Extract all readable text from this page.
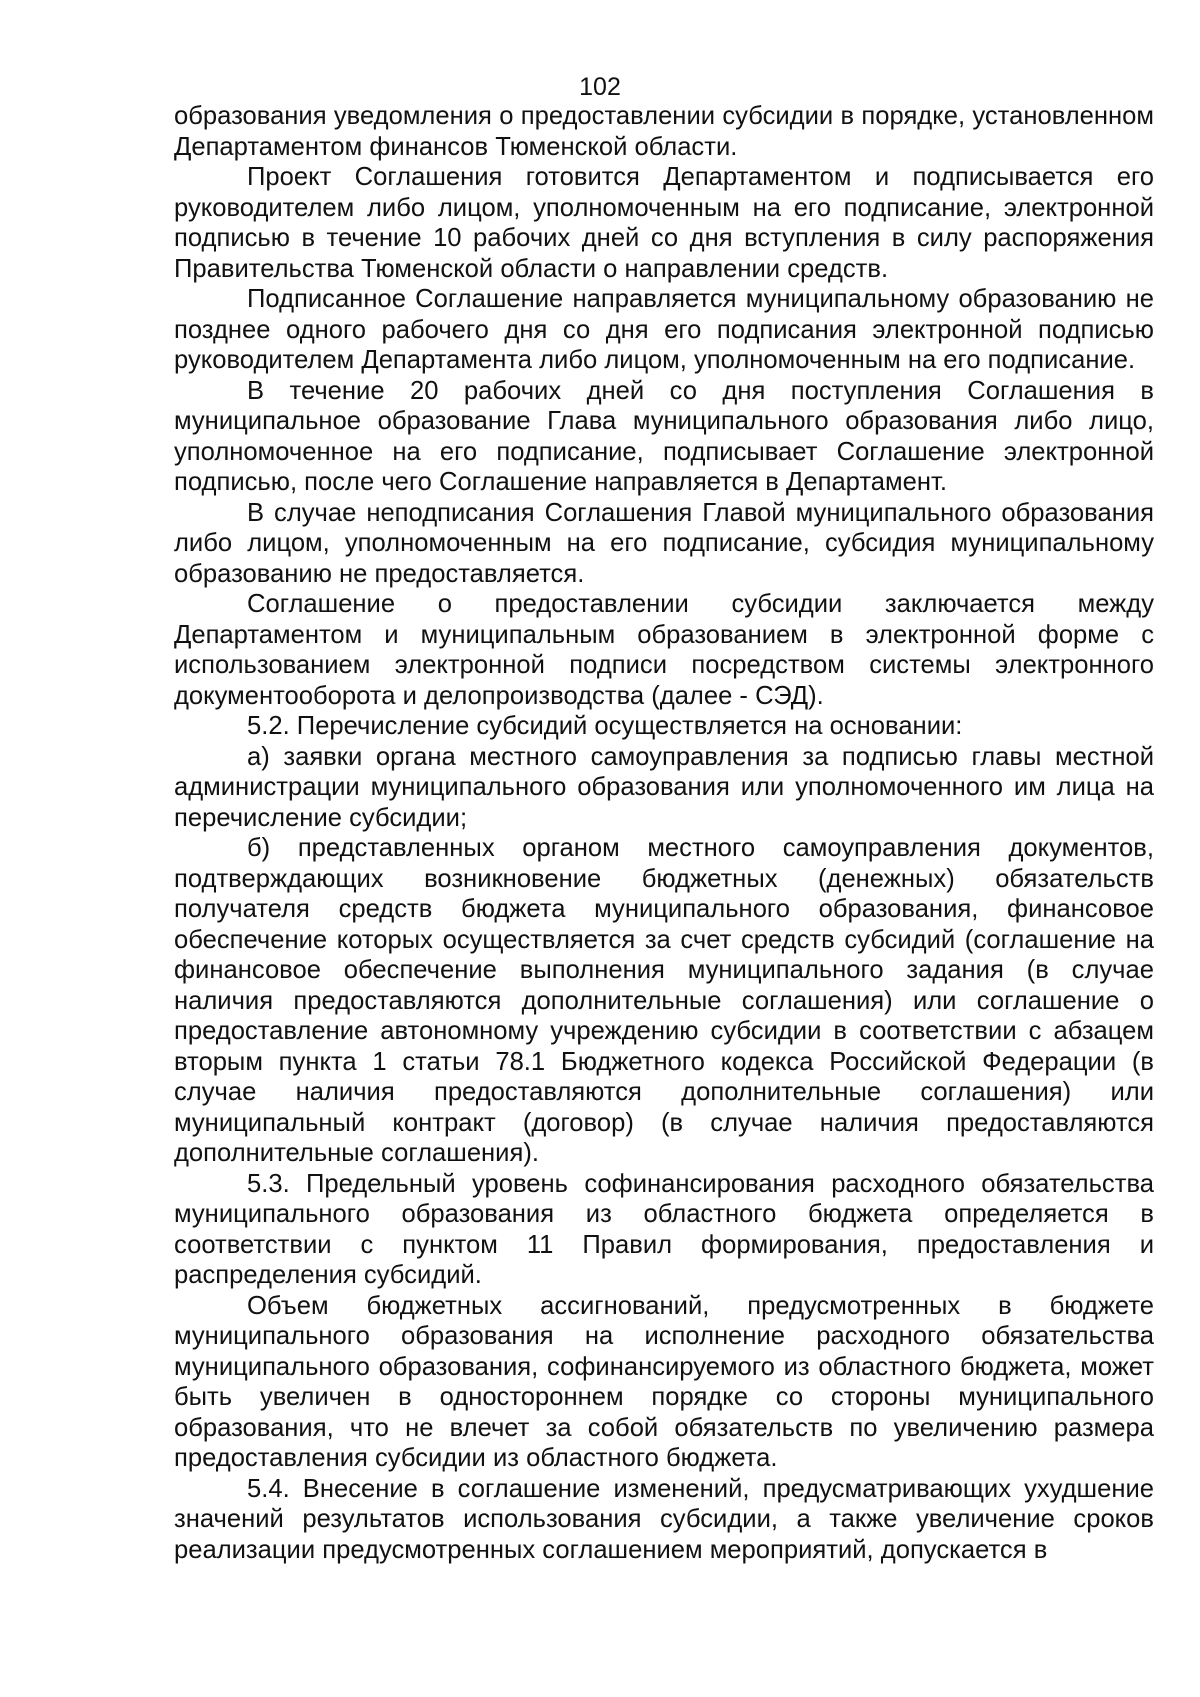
102

образования уведомления о предоставлении субсидии в порядке, установленном Департаментом финансов Тюменской области.

Проект Соглашения готовится Департаментом и подписывается его руководителем либо лицом, уполномоченным на его подписание, электронной подписью в течение 10 рабочих дней со дня вступления в силу распоряжения Правительства Тюменской области о направлении средств.

Подписанное Соглашение направляется муниципальному образованию не позднее одного рабочего дня со дня его подписания электронной подписью руководителем Департамента либо лицом, уполномоченным на его подписание.

В течение 20 рабочих дней со дня поступления Соглашения в муниципальное образование Глава муниципального образования либо лицо, уполномоченное на его подписание, подписывает Соглашение электронной подписью, после чего Соглашение направляется в Департамент.

В случае неподписания Соглашения Главой муниципального образования либо лицом, уполномоченным на его подписание, субсидия муниципальному образованию не предоставляется.

Соглашение о предоставлении субсидии заключается между Департаментом и муниципальным образованием в электронной форме с использованием электронной подписи посредством системы электронного документооборота и делопроизводства (далее - СЭД).

5.2. Перечисление субсидий осуществляется на основании:

а) заявки органа местного самоуправления за подписью главы местной администрации муниципального образования или уполномоченного им лица на перечисление субсидии;

б) представленных органом местного самоуправления документов, подтверждающих возникновение бюджетных (денежных) обязательств получателя средств бюджета муниципального образования, финансовое обеспечение которых осуществляется за счет средств субсидий (соглашение на финансовое обеспечение выполнения муниципального задания (в случае наличия предоставляются дополнительные соглашения) или соглашение о предоставление автономному учреждению субсидии в соответствии с абзацем вторым пункта 1 статьи 78.1 Бюджетного кодекса Российской Федерации (в случае наличия предоставляются дополнительные соглашения) или муниципальный контракт (договор) (в случае наличия предоставляются дополнительные соглашения).

5.3. Предельный уровень софинансирования расходного обязательства муниципального образования из областного бюджета определяется в соответствии с пунктом 11 Правил формирования, предоставления и распределения субсидий.

Объем бюджетных ассигнований, предусмотренных в бюджете муниципального образования на исполнение расходного обязательства муниципального образования, софинансируемого из областного бюджета, может быть увеличен в одностороннем порядке со стороны муниципального образования, что не влечет за собой обязательств по увеличению размера предоставления субсидии из областного бюджета.

5.4. Внесение в соглашение изменений, предусматривающих ухудшение значений результатов использования субсидии, а также увеличение сроков реализации предусмотренных соглашением мероприятий, допускается в
